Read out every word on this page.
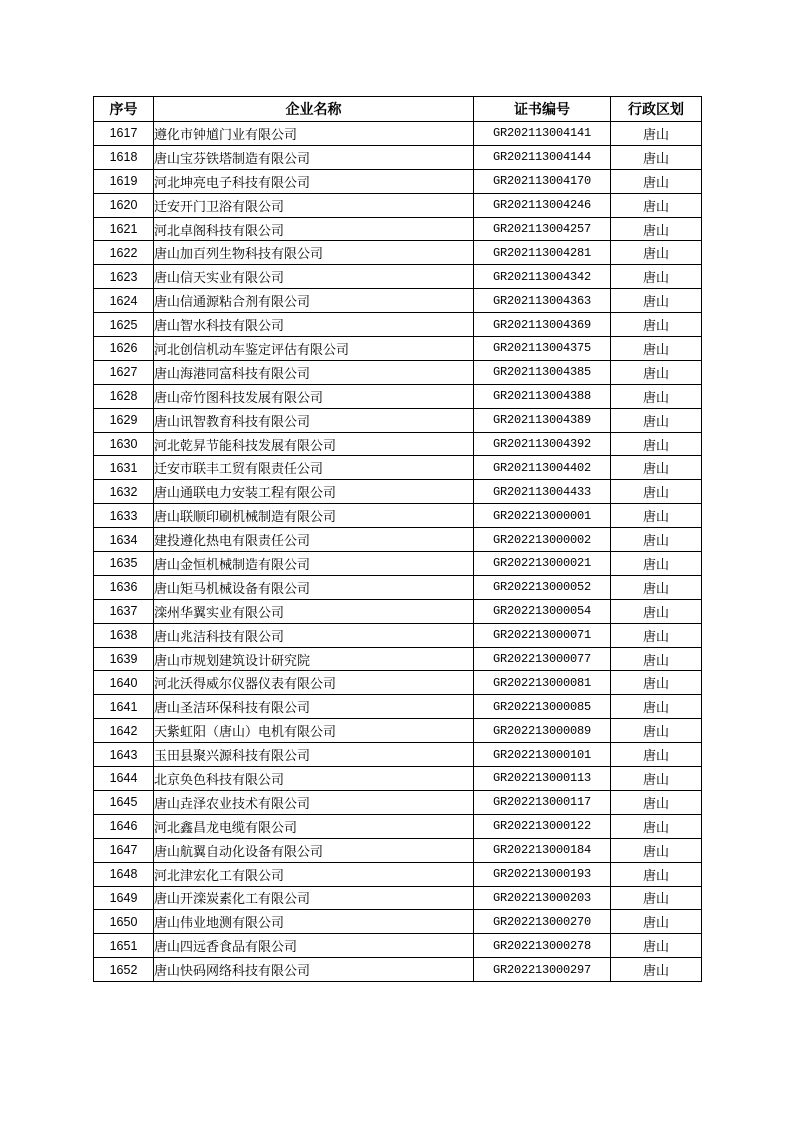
序号	企业名称	证书编号	行政区划
1617	遵化市钟馗门业有限公司	GR202113004141	唐山
1618	唐山宝芬铁塔制造有限公司	GR202113004144	唐山
1619	河北坤亮电子科技有限公司	GR202113004170	唐山
1620	迁安开门卫浴有限公司	GR202113004246	唐山
1621	河北卓阁科技有限公司	GR202113004257	唐山
1622	唐山加百列生物科技有限公司	GR202113004281	唐山
1623	唐山信天实业有限公司	GR202113004342	唐山
1624	唐山信通源粘合剂有限公司	GR202113004363	唐山
1625	唐山智水科技有限公司	GR202113004369	唐山
1626	河北创信机动车鉴定评估有限公司	GR202113004375	唐山
1627	唐山海港同富科技有限公司	GR202113004385	唐山
1628	唐山帝竹图科技发展有限公司	GR202113004388	唐山
1629	唐山讯智教育科技有限公司	GR202113004389	唐山
1630	河北乾昇节能科技发展有限公司	GR202113004392	唐山
1631	迁安市联丰工贸有限责任公司	GR202113004402	唐山
1632	唐山通联电力安装工程有限公司	GR202113004433	唐山
1633	唐山联顺印刷机械制造有限公司	GR202213000001	唐山
1634	建投遵化热电有限责任公司	GR202213000002	唐山
1635	唐山金恒机械制造有限公司	GR202213000021	唐山
1636	唐山矩马机械设备有限公司	GR202213000052	唐山
1637	滦州华翼实业有限公司	GR202213000054	唐山
1638	唐山兆洁科技有限公司	GR202213000071	唐山
1639	唐山市规划建筑设计研究院	GR202213000077	唐山
1640	河北沃得威尔仪器仪表有限公司	GR202213000081	唐山
1641	唐山圣洁环保科技有限公司	GR202213000085	唐山
1642	天紫虹阳（唐山）电机有限公司	GR202213000089	唐山
1643	玉田县聚兴源科技有限公司	GR202213000101	唐山
1644	北京奂色科技有限公司	GR202213000113	唐山
1645	唐山垚泽农业技术有限公司	GR202213000117	唐山
1646	河北鑫昌龙电缆有限公司	GR202213000122	唐山
1647	唐山航翼自动化设备有限公司	GR202213000184	唐山
1648	河北津宏化工有限公司	GR202213000193	唐山
1649	唐山开滦炭素化工有限公司	GR202213000203	唐山
1650	唐山伟业地测有限公司	GR202213000270	唐山
1651	唐山四远香食品有限公司	GR202213000278	唐山
1652	唐山快码网络科技有限公司	GR202213000297	唐山
